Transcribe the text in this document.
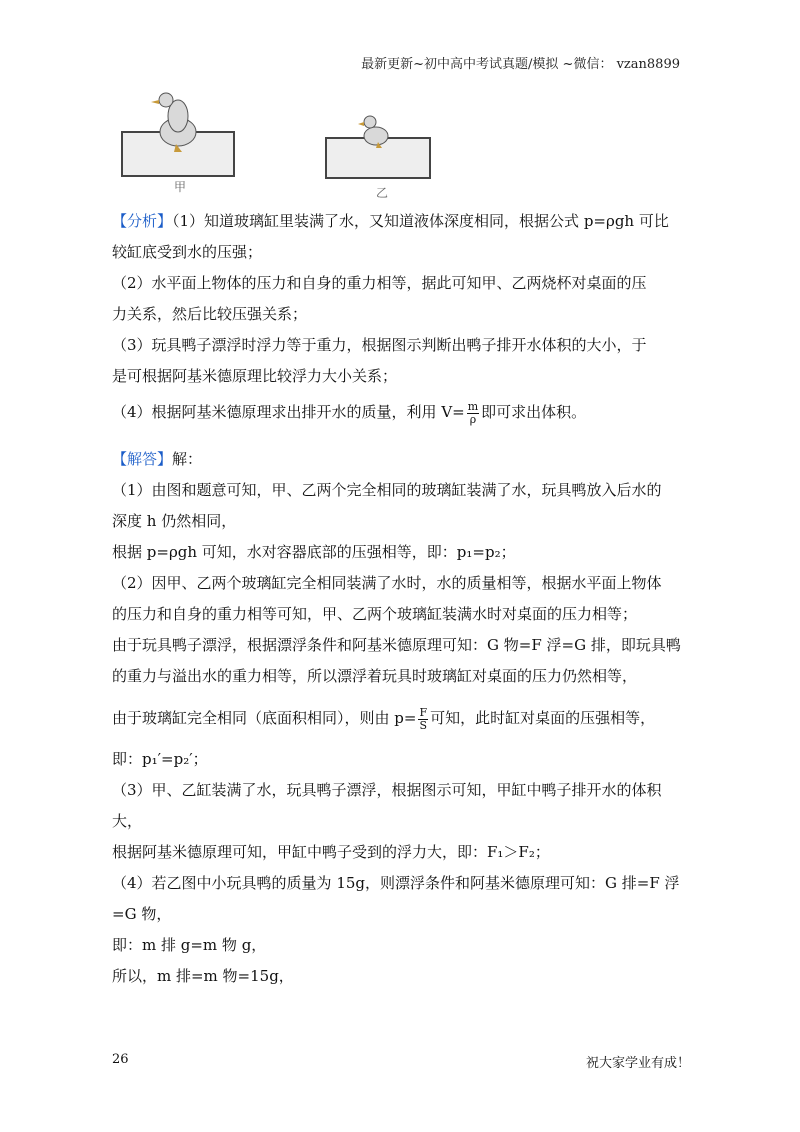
最新更新~初中高中考试真题/模拟 ~微信： vzan8899
甲	乙
【分析】（1）知道玻璃缸里装满了水，又知道液体深度相同，根据公式 p=ρgh 可比
较缸底受到水的压强；
（2）水平面上物体的压力和自身的重力相等，据此可知甲、乙两烧杯对桌面的压
力关系，然后比较压强关系；
（3）玩具鸭子漂浮时浮力等于重力，根据图示判断出鸭子排开水体积的大小，于
是可根据阿基米德原理比较浮力大小关系；
（4）根据阿基米德原理求出排开水的质量，利用 $V= \frac{m}{\rho}$ 即可求出体积。
【解答】解：
（1）由图和题意可知，甲、乙两个完全相同的玻璃缸装满了水，玩具鸭放入后水的
深度 h 仍然相同，
根据 p=ρgh 可知，水对容器底部的压强相等，即：p₁=p₂；
（2）因甲、乙两个玻璃缸完全相同装满了水时，水的质量相等，根据水平面上物体
的压力和自身的重力相等可知，甲、乙两个玻璃缸装满水时对桌面的压力相等；
由于玩具鸭子漂浮，根据漂浮条件和阿基米德原理可知：G 物=F 浮=G 排，即玩具鸭
的重力与溢出水的重力相等，所以漂浮着玩具时玻璃缸对桌面的压力仍然相等，
由于玻璃缸完全相同（底面积相同），则由 $p= \frac{F}{S}$ 可知，此时缸对桌面的压强相等，
即：p₁′=p₂′；
（3）甲、乙缸装满了水，玩具鸭子漂浮，根据图示可知，甲缸中鸭子排开水的体积
大，
根据阿基米德原理可知，甲缸中鸭子受到的浮力大，即：F₁＞F₂；
（4）若乙图中小玩具鸭的质量为 15g，则漂浮条件和阿基米德原理可知：G 排=F 浮
=G 物，
即：m 排 g=m 物 g，
所以，m 排=m 物=15g，
26	祝大家学业有成！
